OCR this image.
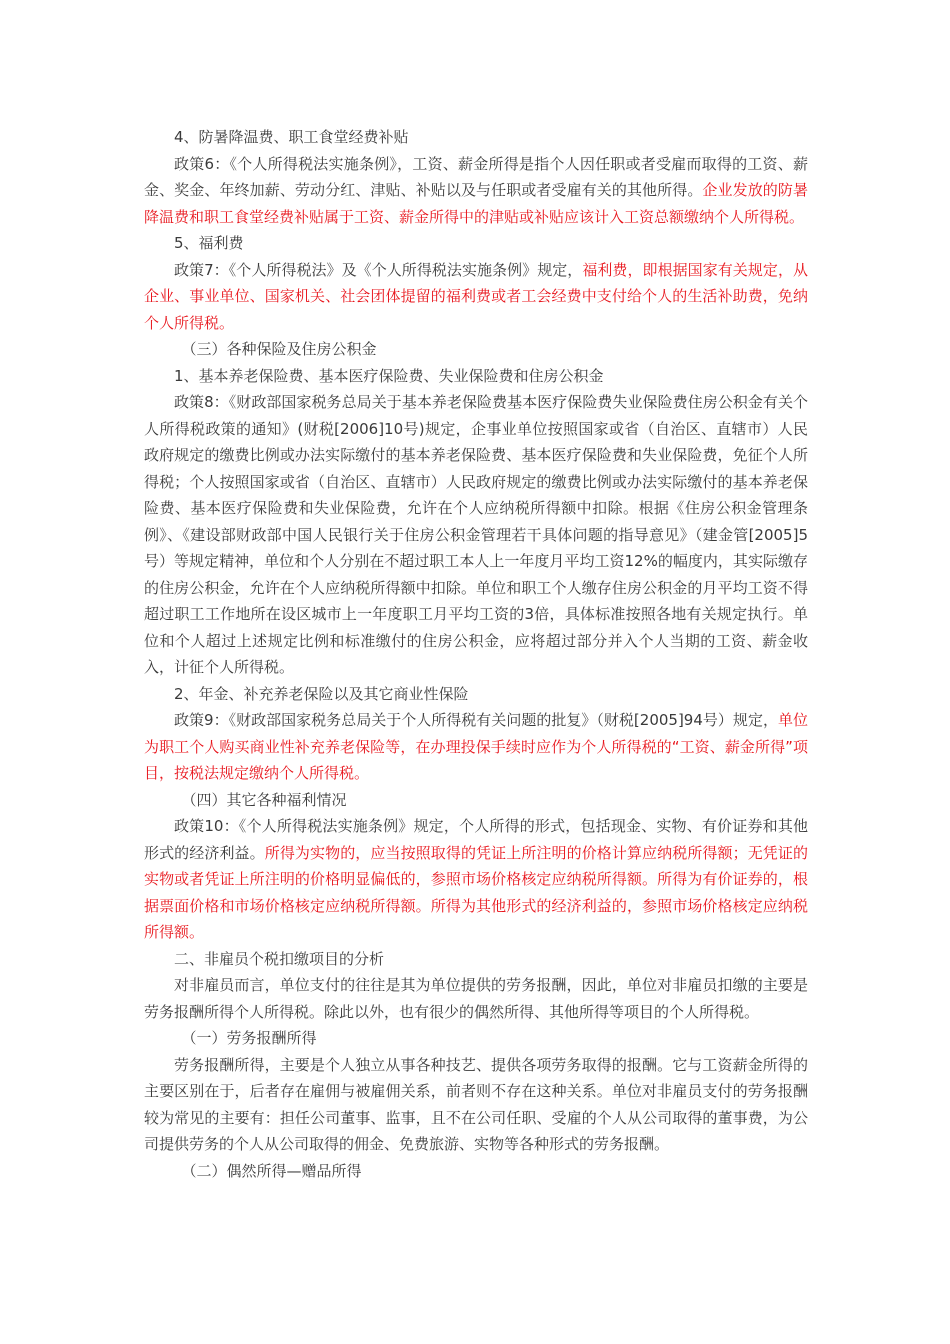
4、防暑降温费、职工食堂经费补贴

政策6：《个人所得税法实施条例》，工资、薪金所得是指个人因任职或者受雇而取得的工资、薪金、奖金、年终加薪、劳动分红、津贴、补贴以及与任职或者受雇有关的其他所得。企业发放的防暑降温费和职工食堂经费补贴属于工资、薪金所得中的津贴或补贴应该计入工资总额缴纳个人所得税。

5、福利费

政策7：《个人所得税法》及《个人所得税法实施条例》规定，福利费，即根据国家有关规定，从企业、事业单位、国家机关、社会团体提留的福利费或者工会经费中支付给个人的生活补助费，免纳个人所得税。

（三）各种保险及住房公积金

1、基本养老保险费、基本医疗保险费、失业保险费和住房公积金

政策8：《财政部国家税务总局关于基本养老保险费基本医疗保险费失业保险费住房公积金有关个人所得税政策的通知》(财税[2006]10号)规定，企事业单位按照国家或省（自治区、直辖市）人民政府规定的缴费比例或办法实际缴付的基本养老保险费、基本医疗保险费和失业保险费，免征个人所得税；个人按照国家或省（自治区、直辖市）人民政府规定的缴费比例或办法实际缴付的基本养老保险费、基本医疗保险费和失业保险费，允许在个人应纳税所得额中扣除。根据《住房公积金管理条例》、《建设部财政部中国人民银行关于住房公积金管理若干具体问题的指导意见》（建金管[2005]5号）等规定精神，单位和个人分别在不超过职工本人上一年度月平均工资12%的幅度内，其实际缴存的住房公积金，允许在个人应纳税所得额中扣除。单位和职工个人缴存住房公积金的月平均工资不得超过职工工作地所在设区城市上一年度职工月平均工资的3倍，具体标准按照各地有关规定执行。单位和个人超过上述规定比例和标准缴付的住房公积金，应将超过部分并入个人当期的工资、薪金收入，计征个人所得税。

2、年金、补充养老保险以及其它商业性保险

政策9：《财政部国家税务总局关于个人所得税有关问题的批复》（财税[2005]94号）规定，单位为职工个人购买商业性补充养老保险等，在办理投保手续时应作为个人所得税的“工资、薪金所得”项目，按税法规定缴纳个人所得税。

（四）其它各种福利情况

政策10：《个人所得税法实施条例》规定，个人所得的形式，包括现金、实物、有价证券和其他形式的经济利益。所得为实物的，应当按照取得的凭证上所注明的价格计算应纳税所得额；无凭证的实物或者凭证上所注明的价格明显偏低的，参照市场价格核定应纳税所得额。所得为有价证券的，根据票面价格和市场价格核定应纳税所得额。所得为其他形式的经济利益的，参照市场价格核定应纳税所得额。

二、非雇员个税扣缴项目的分析

对非雇员而言，单位支付的往往是其为单位提供的劳务报酬，因此，单位对非雇员扣缴的主要是劳务报酬所得个人所得税。除此以外，也有很少的偶然所得、其他所得等项目的个人所得税。

（一）劳务报酬所得

劳务报酬所得，主要是个人独立从事各种技艺、提供各项劳务取得的报酬。它与工资薪金所得的主要区别在于，后者存在雇佣与被雇佣关系，前者则不存在这种关系。单位对非雇员支付的劳务报酬较为常见的主要有：担任公司董事、监事，且不在公司任职、受雇的个人从公司取得的董事费，为公司提供劳务的个人从公司取得的佣金、免费旅游、实物等各种形式的劳务报酬。

（二）偶然所得—赠品所得
